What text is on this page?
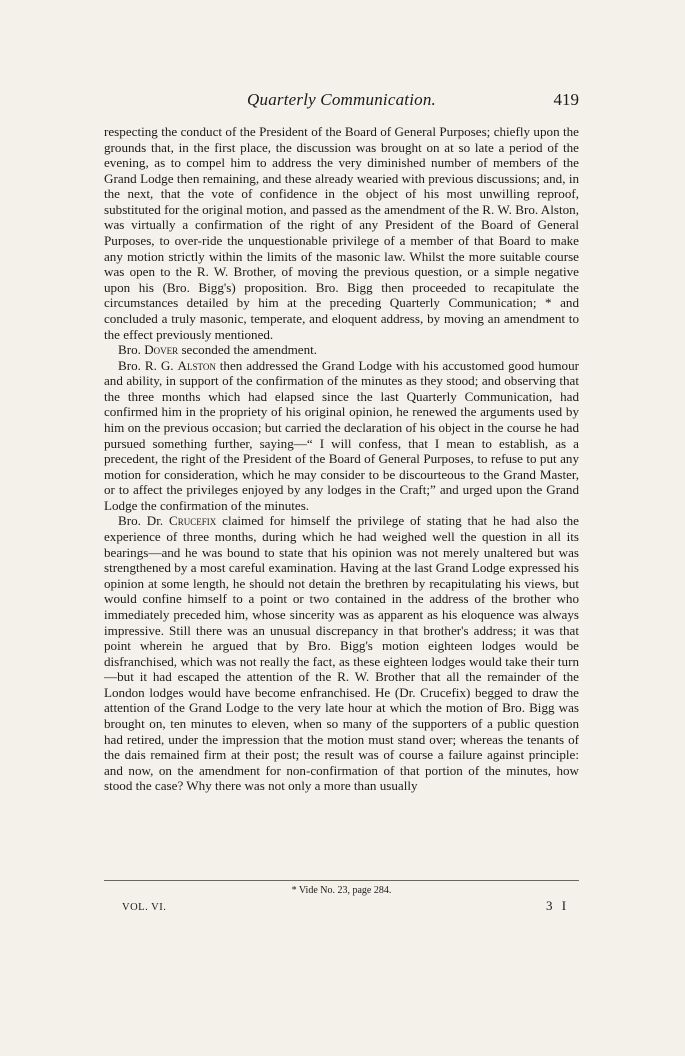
Quarterly Communication.	419

respecting the conduct of the President of the Board of General Purposes; chiefly upon the grounds that, in the first place, the discussion was brought on at so late a period of the evening, as to compel him to address the very diminished number of members of the Grand Lodge then remaining, and these already wearied with previous discussions; and, in the next, that the vote of confidence in the object of his most unwilling reproof, substituted for the original motion, and passed as the amendment of the R. W. Bro. Alston, was virtually a confirmation of the right of any President of the Board of General Purposes, to over-ride the unquestionable privilege of a member of that Board to make any motion strictly within the limits of the masonic law. Whilst the more suitable course was open to the R. W. Brother, of moving the previous question, or a simple negative upon his (Bro. Bigg's) proposition. Bro. Bigg then proceeded to recapitulate the circumstances detailed by him at the preceding Quarterly Communication; * and concluded a truly masonic, temperate, and eloquent address, by moving an amendment to the effect previously mentioned.

Bro. Dover seconded the amendment.

Bro. R. G. Alston then addressed the Grand Lodge with his accustomed good humour and ability, in support of the confirmation of the minutes as they stood; and observing that the three months which had elapsed since the last Quarterly Communication, had confirmed him in the propriety of his original opinion, he renewed the arguments used by him on the previous occasion; but carried the declaration of his object in the course he had pursued something further, saying—“ I will confess, that I mean to establish, as a precedent, the right of the President of the Board of General Purposes, to refuse to put any motion for consideration, which he may consider to be discourteous to the Grand Master, or to affect the privileges enjoyed by any lodges in the Craft;” and urged upon the Grand Lodge the confirmation of the minutes.

Bro. Dr. Crucefix claimed for himself the privilege of stating that he had also the experience of three months, during which he had weighed well the question in all its bearings—and he was bound to state that his opinion was not merely unaltered but was strengthened by a most careful examination. Having at the last Grand Lodge expressed his opinion at some length, he should not detain the brethren by recapitulating his views, but would confine himself to a point or two contained in the address of the brother who immediately preceded him, whose sincerity was as apparent as his eloquence was always impressive. Still there was an unusual discrepancy in that brother's address; it was that point wherein he argued that by Bro. Bigg's motion eighteen lodges would be disfranchised, which was not really the fact, as these eighteen lodges would take their turn—but it had escaped the attention of the R. W. Brother that all the remainder of the London lodges would have become enfranchised. He (Dr. Crucefix) begged to draw the attention of the Grand Lodge to the very late hour at which the motion of Bro. Bigg was brought on, ten minutes to eleven, when so many of the supporters of a public question had retired, under the impression that the motion must stand over; whereas the tenants of the dais remained firm at their post; the result was of course a failure against principle: and now, on the amendment for non-confirmation of that portion of the minutes, how stood the case? Why there was not only a more than usually

* Vide No. 23, page 284.
VOL. VI.	3 I
